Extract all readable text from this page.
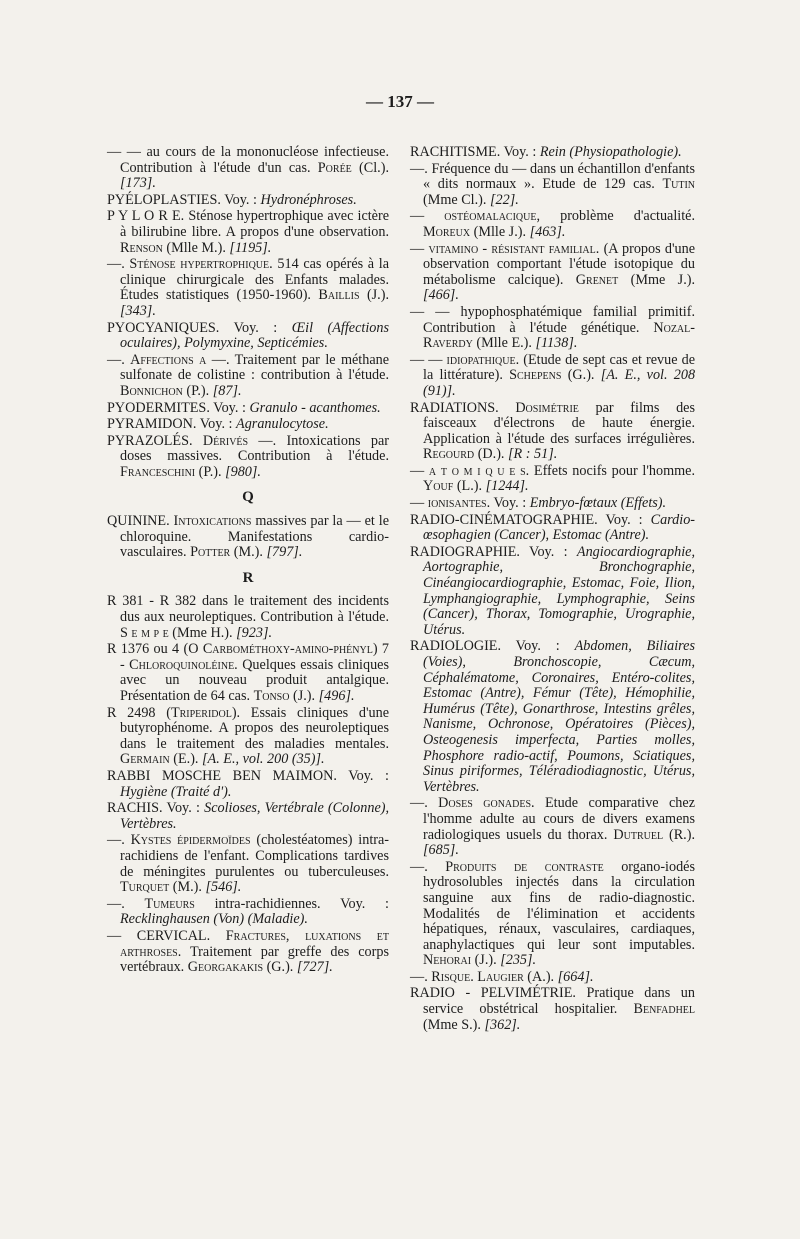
— 137 —
— — au cours de la mononucléose infectieuse. Contribution à l'étude d'un cas. Porée (Cl.). [173].
PYÉLOPLASTIES. Voy. : Hydronéphroses.
P Y L O R E. Sténose hypertrophique avec ictère à bilirubine libre. A propos d'une observation. Renson (Mlle M.). [1195].
—. Sténose hypertrophique. 514 cas opérés à la clinique chirurgicale des Enfants malades. Études statistiques (1950-1960). Baillis (J.). [343].
PYOCYANIQUES. Voy. : Œil (Affections oculaires), Polymyxine, Septicémies.
—. Affections a —. Traitement par le méthane sulfonate de colistine : contribution à l'étude. Bonnichon (P.). [87].
PYODERMITES. Voy. : Granulo - acanthomes.
PYRAMIDON. Voy. : Agranulocytose.
PYRAZOLÉS. Dérivés —. Intoxications par doses massives. Contribution à l'étude. Franceschini (P.). [980].
Q
QUININE. Intoxications massives par la — et le chloroquine. Manifestations cardio-vasculaires. Potter (M.). [797].
R
R 381 - R 382 dans le traitement des incidents dus aux neuroleptiques. Contribution à l'étude. S e m p e (Mme H.). [923].
R 1376 ou 4 (O Carbométhoxy-amino-phényl) 7 - Chloroquinoléine. Quelques essais cliniques avec un nouveau produit antalgique. Présentation de 64 cas. Tonso (J.). [496].
R 2498 (Triperidol). Essais cliniques d'une butyrophénome. A propos des neuroleptiques dans le traitement des maladies mentales. Germain (E.). [A. E., vol. 200 (35)].
RABBI MOSCHE BEN MAIMON. Voy. : Hygiène (Traité d').
RACHIS. Voy. : Scolioses, Vertébrale (Colonne), Vertèbres.
—. Kystes épidermoïdes (cholestéatomes) intra-rachidiens de l'enfant. Complications tardives de méningites purulentes ou tuberculeuses. Turquet (M.). [546].
—. Tumeurs intra-rachidiennes. Voy. : Recklinghausen (Von) (Maladie).
— CERVICAL. Fractures, luxations et arthroses. Traitement par greffe des corps vertébraux. Georgakakis (G.). [727].
RACHITISME. Voy. : Rein (Physiopathologie).
—. Fréquence du — dans un échantillon d'enfants « dits normaux ». Etude de 129 cas. Tutin (Mme Cl.). [22].
— ostéomalacique, problème d'actualité. Moreux (Mlle J.). [463].
— vitamino - résistant familial. (A propos d'une observation comportant l'étude isotopique du métabolisme calcique). Grenet (Mme J.). [466].
— — hypophosphatémique familial primitif. Contribution à l'étude génétique. Nozal-Raverdy (Mlle E.). [1138].
— — idiopathique. (Etude de sept cas et revue de la littérature). Schepens (G.). [A. E., vol. 208 (91)].
RADIATIONS. Dosimétrie par films des faisceaux d'électrons de haute énergie. Application à l'étude des surfaces irrégulières. Regourd (D.). [R : 51].
— a t o m i q u e s. Effets nocifs pour l'homme. Youf (L.). [1244].
— ionisantes. Voy. : Embryo-fœtaux (Effets).
RADIO-CINÉMATOGRAPHIE. Voy. : Cardio-œsophagien (Cancer), Estomac (Antre).
RADIOGRAPHIE. Voy. : Angiocardiographie, Aortographie, Bronchographie, Cinéangiocardiographie, Estomac, Foie, Ilion, Lymphangiographie, Lymphographie, Seins (Cancer), Thorax, Tomographie, Urographie, Utérus.
RADIOLOGIE. Voy. : Abdomen, Biliaires (Voies), Bronchoscopie, Cæcum, Céphalématome, Coronaires, Entéro-colites, Estomac (Antre), Fémur (Tête), Hémophilie, Humérus (Tête), Gonarthrose, Intestins grêles, Nanisme, Ochronose, Opératoires (Pièces), Osteogenesis imperfecta, Parties molles, Phosphore radio-actif, Poumons, Sciatiques, Sinus piriformes, Téléradiodiagnostic, Utérus, Vertèbres.
—. Doses gonades. Etude comparative chez l'homme adulte au cours de divers examens radiologiques usuels du thorax. Dutruel (R.). [685].
—. Produits de contraste organo-iodés hydrosolubles injectés dans la circulation sanguine aux fins de radio-diagnostic. Modalités de l'élimination et accidents hépatiques, rénaux, vasculaires, cardiaques, anaphylactiques qui leur sont imputables. Nehorai (J.). [235].
—. Risque. Laugier (A.). [664].
RADIO - PELVIMÉTRIE. Pratique dans un service obstétrical hospitalier. Benfadhel (Mme S.). [362].
